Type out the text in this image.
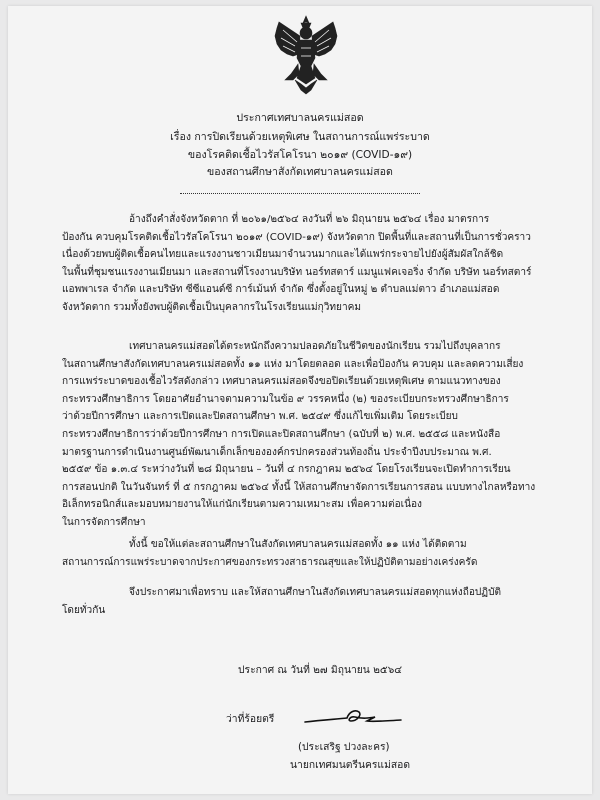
ประกาศเทศบาลนครแม่สอด
เรื่อง การปิดเรียนด้วยเหตุพิเศษ ในสถานการณ์แพร่ระบาด
ของโรคติดเชื้อไวรัสโคโรนา ๒๐๑๙ (COVID-๑๙)
ของสถานศึกษาสังกัดเทศบาลนครแม่สอด
อ้างถึงคำสั่งจังหวัดตาก ที่ ๒๐๖๑/๒๕๖๔ ลงวันที่ ๒๖ มิถุนายน ๒๕๖๔ เรื่อง มาตรการ
ป้องกัน ควบคุมโรคติดเชื้อไวรัสโคโรนา ๒๐๑๙ (COVID-๑๙) จังหวัดตาก ปิดพื้นที่และสถานที่เป็นการชั่วคราว
เนื่องด้วยพบผู้ติดเชื้อคนไทยและแรงงานชาวเมียนมาจำนวนมากและได้แพร่กระจายไปยังผู้สัมผัสใกล้ชิด
ในพื้นที่ชุมชนแรงงานเมียนมา และสถานที่โรงงานบริษัท นอร์ทสตาร์ แมนูแฟคเจอริ่ง จำกัด บริษัท นอร์ทสตาร์
แอพพาเรล จำกัด และบริษัท ซีซีแอนด์ซี การ์เม้นท์ จำกัด ซึ่งตั้งอยู่ในหมู่ ๒ ตำบลแม่ตาว อำเภอแม่สอด
จังหวัดตาก รวมทั้งยังพบผู้ติดเชื้อเป็นบุคลากรในโรงเรียนแม่กุวิทยาคม
เทศบาลนครแม่สอดได้ตระหนักถึงความปลอดภัยในชีวิตของนักเรียน รวมไปถึงบุคลากร
ในสถานศึกษาสังกัดเทศบาลนครแม่สอดทั้ง ๑๑ แห่ง มาโดยตลอด และเพื่อป้องกัน ควบคุม และลดความเสี่ยง
การแพร่ระบาดของเชื้อไวรัสดังกล่าว เทศบาลนครแม่สอดจึงขอปิดเรียนด้วยเหตุพิเศษ ตามแนวทางของ
กระทรวงศึกษาธิการ โดยอาศัยอำนาจตามความในข้อ ๙ วรรคหนึ่ง (๒) ของระเบียบกระทรวงศึกษาธิการ
ว่าด้วยปีการศึกษา และการเปิดและปิดสถานศึกษา พ.ศ. ๒๕๔๙ ซึ่งแก้ไขเพิ่มเติม โดยระเบียบ
กระทรวงศึกษาธิการว่าด้วยปีการศึกษา การเปิดและปิดสถานศึกษา (ฉบับที่ ๒) พ.ศ. ๒๕๕๘ และหนังสือ
มาตรฐานการดำเนินงานศูนย์พัฒนาเด็กเล็กขององค์กรปกครองส่วนท้องถิ่น ประจำปีงบประมาณ พ.ศ.
๒๕๕๙ ข้อ ๑.๓.๔ ระหว่างวันที่ ๒๘ มิถุนายน – วันที่ ๔ กรกฎาคม ๒๕๖๔ โดยโรงเรียนจะเปิดทำการเรียน
การสอนปกติ ในวันจันทร์ ที่ ๕ กรกฎาคม ๒๕๖๔ ทั้งนี้ ให้สถานศึกษาจัดการเรียนการสอน แบบทางไกลหรือทาง
อิเล็กทรอนิกส์และมอบหมายงานให้แก่นักเรียนตามความเหมาะสม เพื่อความต่อเนื่อง
ในการจัดการศึกษา
ทั้งนี้ ขอให้แต่ละสถานศึกษาในสังกัดเทศบาลนครแม่สอดทั้ง ๑๑ แห่ง ได้ติดตาม
สถานการณ์การแพร่ระบาดจากประกาศของกระทรวงสาธารณสุขและให้ปฏิบัติตามอย่างเคร่งครัด
จึงประกาศมาเพื่อทราบ และให้สถานศึกษาในสังกัดเทศบาลนครแม่สอดทุกแห่งถือปฏิบัติ
โดยทั่วกัน
ประกาศ ณ วันที่ ๒๗ มิถุนายน ๒๕๖๔
ว่าที่ร้อยตรี
(ประเสริฐ ปวงละคร)
นายกเทศมนตรีนครแม่สอด
